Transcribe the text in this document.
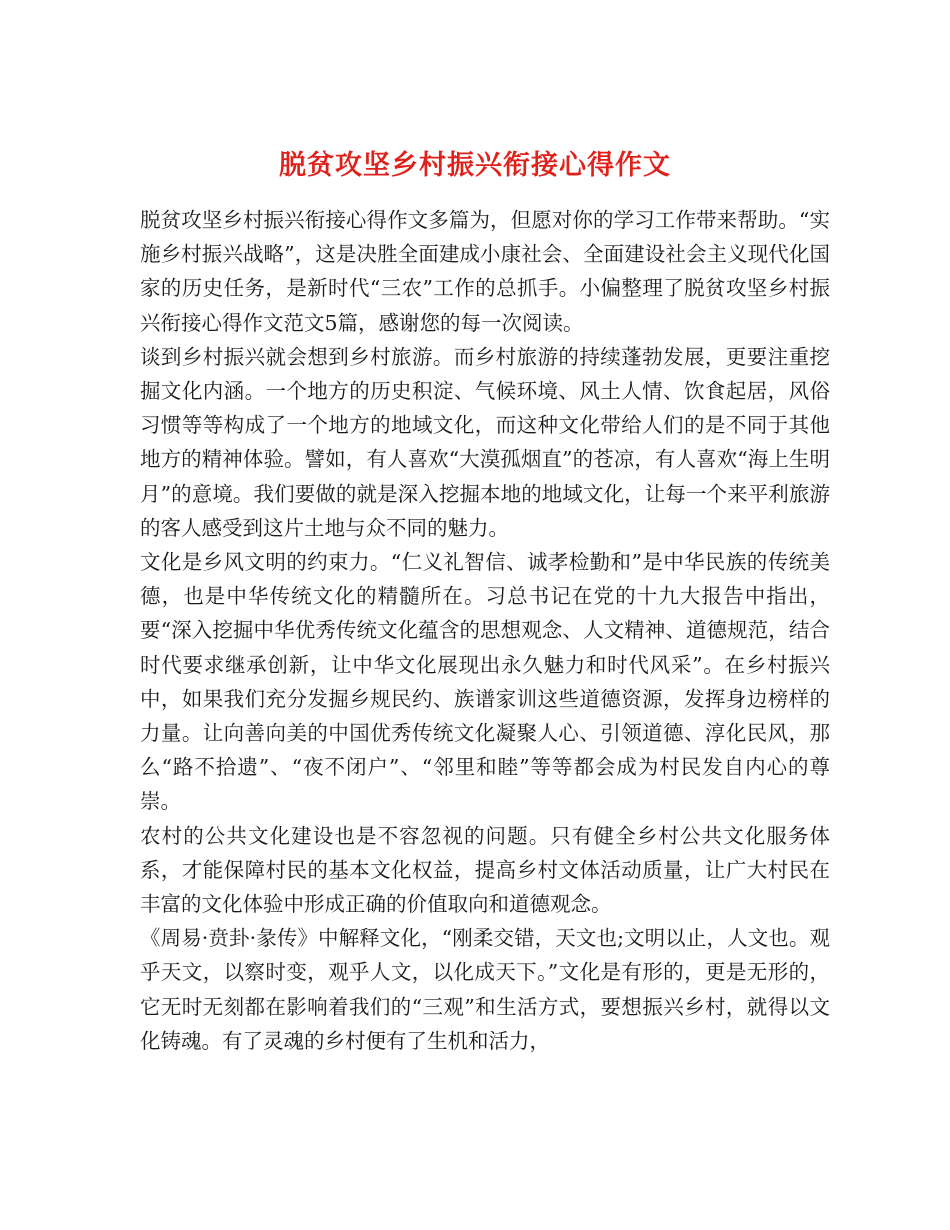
脱贫攻坚乡村振兴衔接心得作文

脱贫攻坚乡村振兴衔接心得作文多篇为，但愿对你的学习工作带来帮助。“实施乡村振兴战略”，这是决胜全面建成小康社会、全面建设社会主义现代化国家的历史任务，是新时代“三农”工作的总抓手。小偏整理了脱贫攻坚乡村振兴衔接心得作文范文5篇，感谢您的每一次阅读。

谈到乡村振兴就会想到乡村旅游。而乡村旅游的持续蓬勃发展，更要注重挖掘文化内涵。一个地方的历史积淀、气候环境、风土人情、饮食起居，风俗习惯等等构成了一个地方的地域文化，而这种文化带给人们的是不同于其他地方的精神体验。譬如，有人喜欢“大漠孤烟直”的苍凉，有人喜欢“海上生明月”的意境。我们要做的就是深入挖掘本地的地域文化，让每一个来平利旅游的客人感受到这片土地与众不同的魅力。

文化是乡风文明的约束力。“仁义礼智信、诚孝检勤和”是中华民族的传统美德，也是中华传统文化的精髓所在。习总书记在党的十九大报告中指出，要“深入挖掘中华优秀传统文化蕴含的思想观念、人文精神、道德规范，结合时代要求继承创新，让中华文化展现出永久魅力和时代风采”。在乡村振兴中，如果我们充分发掘乡规民约、族谱家训这些道德资源，发挥身边榜样的力量。让向善向美的中国优秀传统文化凝聚人心、引领道德、淳化民风，那么“路不拾遗”、“夜不闭户”、“邻里和睦”等等都会成为村民发自内心的尊崇。

农村的公共文化建设也是不容忽视的问题。只有健全乡村公共文化服务体系，才能保障村民的基本文化权益，提高乡村文体活动质量，让广大村民在丰富的文化体验中形成正确的价值取向和道德观念。

《周易·贲卦·彖传》中解释文化，“刚柔交错，天文也;文明以止，人文也。观乎天文，以察时变，观乎人文，以化成天下。”文化是有形的，更是无形的，它无时无刻都在影响着我们的“三观”和生活方式，要想振兴乡村，就得以文化铸魂。有了灵魂的乡村便有了生机和活力，
